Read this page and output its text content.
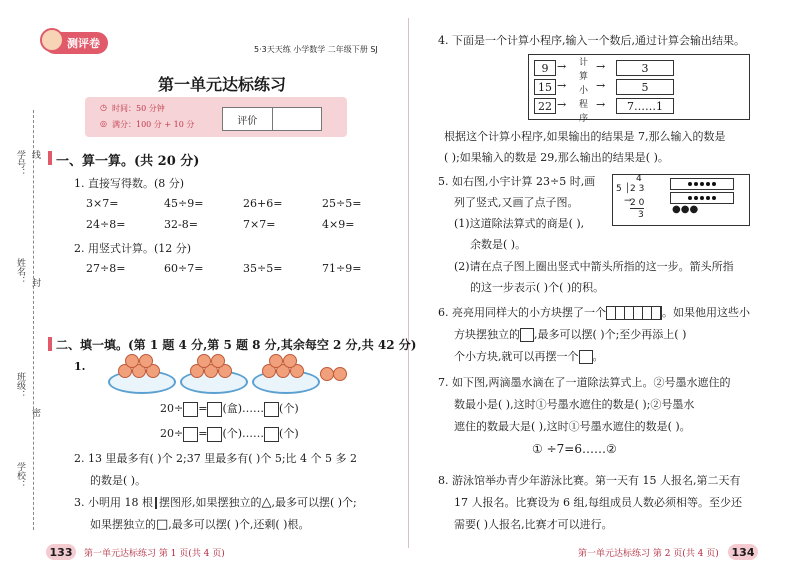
学号：
姓名：
班级：
学校：
线
封
密
测评卷	5·3天天练 小学数学 二年级下册 SJ
第一单元达标练习
◷ 时间：50 分钟
◎ 满分：100 分 + 10 分	评价
一、算一算。(共 20 分)
1. 直接写得数。(8 分)
3×7=	45÷9=	26+6=	25÷5=
24÷8=	32-8=	7×7=	4×9=
2. 用竖式计算。(12 分)
27÷8=	60÷7=	35÷5=	71÷9=
二、填一填。(第 1 题 4 分,第 5 题 8 分,其余每空 2 分,共 42 分)
1.
20÷ = (盒)…… (个)
20÷ = (个)…… (个)
2. 13 里最多有( )个 2;37 里最多有( )个 5;比 4 个 5 多 2
的数是( )。
3. 小明用 18 根 摆图形,如果摆独立的△,最多可以摆( )个;
如果摆独立的□,最多可以摆( )个,还剩( )根。
4. 下面是一个计算小程序,输入一个数后,通过计算会输出结果。
9
15
22
→
→
→
计算小程序
→
→
→
3
5
7……1
根据这个计算小程序,如果输出的结果是 7,那么输入的数是
( );如果输入的数是 29,那么输出的结果是( )。
5. 如右图,小宇计算 23÷5 时,画
列了竖式,又画了点子图。
4
5 │2 3
2 0
3
→
●●●
(1)这道除法算式的商是( ),
余数是( )。
(2)请在点子图上圈出竖式中箭头所指的这一步。箭头所指
的这一步表示( )个( )的积。
6. 亮亮用同样大的小方块摆了一个	。如果他用这些小
方块摆独立的 ,最多可以摆( )个;至少再添上( )
个小方块,就可以再摆一个 。
7. 如下图,两滴墨水滴在了一道除法算式上。②号墨水遮住的
数最小是( ),这时①号墨水遮住的数是( );②号墨水
遮住的数最大是( ),这时①号墨水遮住的数是( )。
① ÷7=6……②
8. 游泳馆举办青少年游泳比赛。第一天有 15 人报名,第二天有
17 人报名。比赛设为 6 组,每组成员人数必须相等。至少还
需要( )人报名,比赛才可以进行。
133	第一单元达标练习 第 1 页(共 4 页)	第一单元达标练习 第 2 页(共 4 页)	134
